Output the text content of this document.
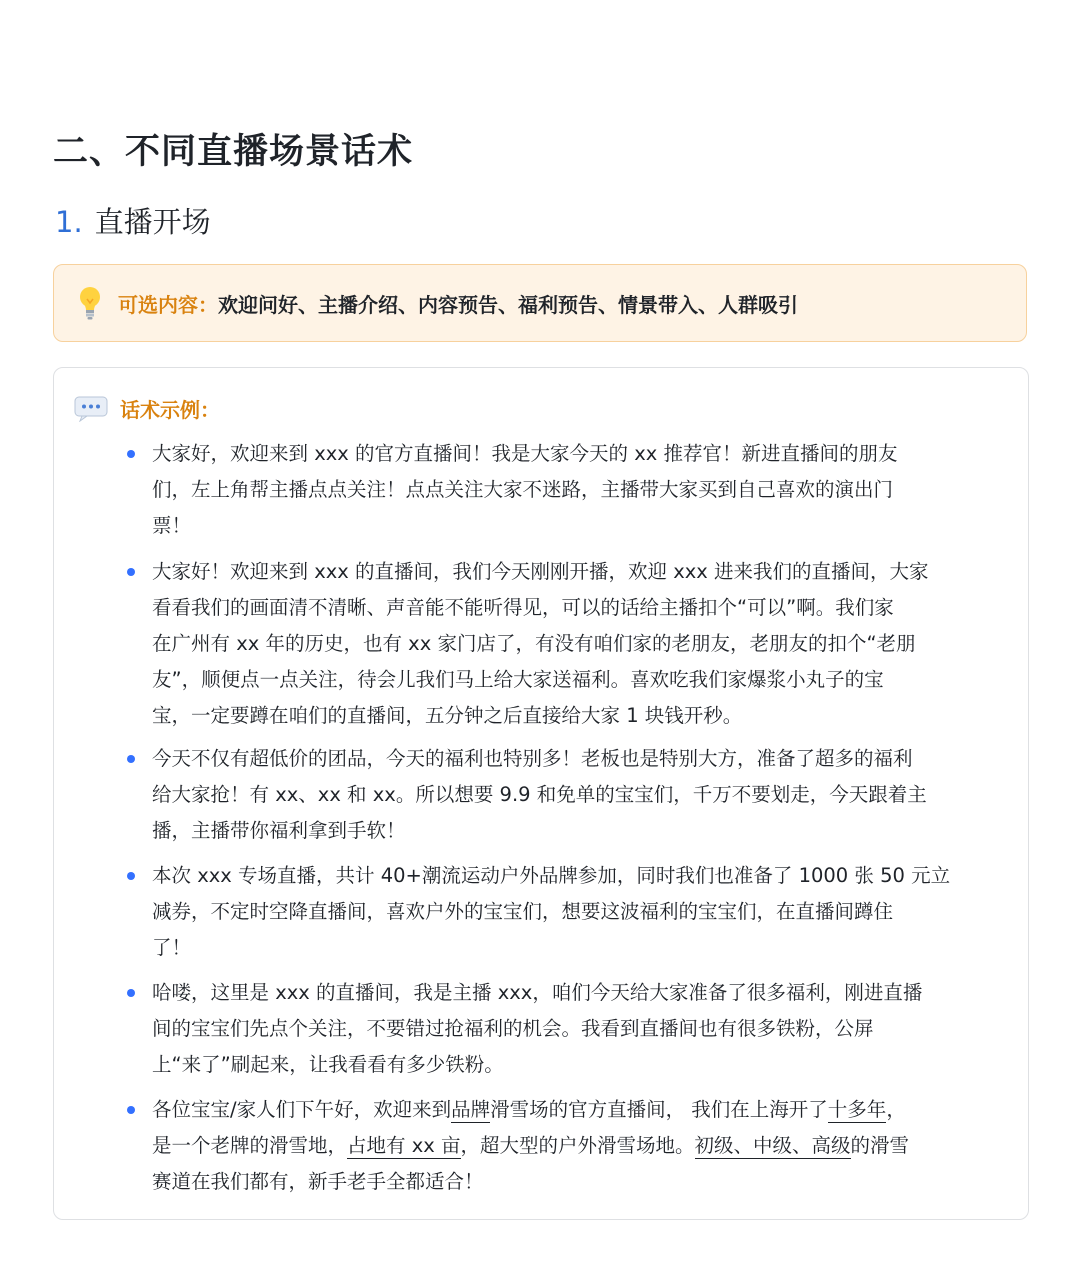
二、不同直播场景话术
1. 直播开场
可选内容： 欢迎问好、主播介绍、内容预告、福利预告、情景带入、人群吸引
话术示例：
大家好，欢迎来到 xxx 的官方直播间！我是大家今天的 xx 推荐官！新进直播间的朋友
们，左上角帮主播点点关注！点点关注大家不迷路，主播带大家买到自己喜欢的演出门
票！
大家好！欢迎来到 xxx 的直播间，我们今天刚刚开播，欢迎 xxx 进来我们的直播间，大家
看看我们的画面清不清晰、声音能不能听得见，可以的话给主播扣个“可以”啊。我们家
在广州有 xx 年的历史，也有 xx 家门店了，有没有咱们家的老朋友，老朋友的扣个“老朋
友”，顺便点一点关注，待会儿我们马上给大家送福利。喜欢吃我们家爆浆小丸子的宝
宝，一定要蹲在咱们的直播间，五分钟之后直接给大家 1 块钱开秒。
今天不仅有超低价的团品，今天的福利也特别多！老板也是特别大方，准备了超多的福利
给大家抢！有 xx、xx 和 xx。所以想要 9.9 和免单的宝宝们，千万不要划走，今天跟着主
播，主播带你福利拿到手软！
本次 xxx 专场直播，共计 40+潮流运动户外品牌参加，同时我们也准备了 1000 张 50 元立
减券，不定时空降直播间，喜欢户外的宝宝们，想要这波福利的宝宝们，在直播间蹲住
了！
哈喽，这里是 xxx 的直播间，我是主播 xxx，咱们今天给大家准备了很多福利，刚进直播
间的宝宝们先点个关注，不要错过抢福利的机会。我看到直播间也有很多铁粉，公屏
上“来了”刷起来，让我看看有多少铁粉。
各位宝宝/家人们下午好，欢迎来到品牌滑雪场的官方直播间， 我们在上海开了十多年，
是一个老牌的滑雪地，占地有 xx 亩，超大型的户外滑雪场地。初级、中级、高级的滑雪
赛道在我们都有，新手老手全都适合！
